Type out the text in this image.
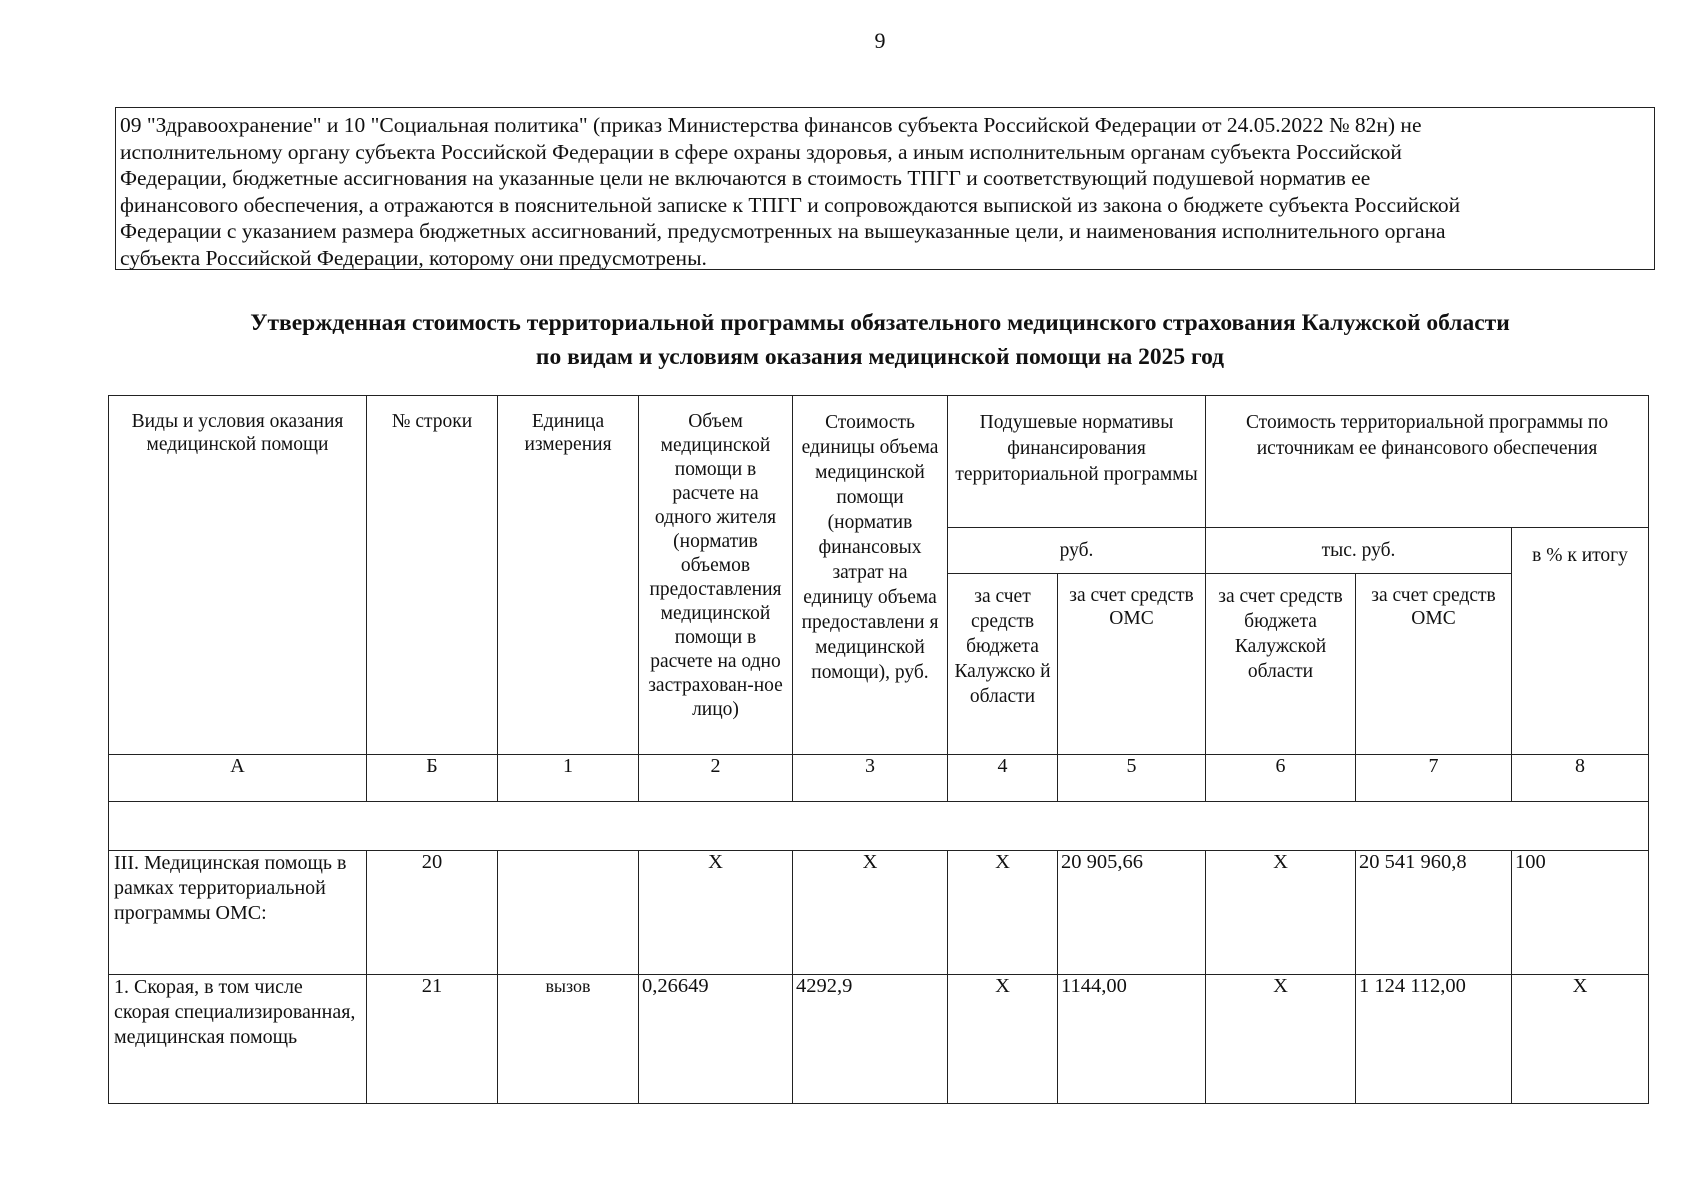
9
09 "Здравоохранение" и 10 "Социальная политика" (приказ Министерства финансов субъекта Российской Федерации от 24.05.2022 № 82н) не
исполнительному органу субъекта Российской Федерации в сфере охраны здоровья, а иным исполнительным органам субъекта Российской
Федерации, бюджетные ассигнования на указанные цели не включаются в стоимость ТПГГ и соответствующий подушевой норматив ее
финансового обеспечения, а отражаются в пояснительной записке к ТПГГ и сопровождаются выпиской из закона о бюджете субъекта Российской
Федерации с указанием размера бюджетных ассигнований, предусмотренных на вышеуказанные цели, и наименования исполнительного органа
субъекта Российской Федерации, которому они предусмотрены.
Утвержденная стоимость территориальной программы обязательного медицинского страхования Калужской области
по видам и условиям оказания медицинской помощи на 2025 год
Виды и условия оказания медицинской помощи	№ строки	Единица измерения	Объем медицинской помощи в расчете на одного жителя (норматив объемов предоставления медицинской помощи в расчете на одно застрахован-ное лицо)	Стоимость единицы объема медицинской помощи (норматив финансовых затрат на единицу объема предоставлени я медицинской помощи), руб.	Подушевые нормативы финансирования территориальной программы		Стоимость территориальной программы по источникам ее финансового обеспечения		
					руб.		тыс. руб.		в % к итогу
					за счет средств бюджета Калужско й области	за счет средств ОМС	за счет средств бюджета Калужской области	за счет средств ОМС	
А	Б	1	2	3	4	5	6	7	8

III. Медицинская помощь в рамках территориальной программы ОМС:	20		X	X	X	20 905,66	X	20 541 960,8	100
1. Скорая, в том числе скорая специализированная, медицинская помощь	21	вызов	0,26649	4292,9	X	1144,00	X	1 124 112,00	X
